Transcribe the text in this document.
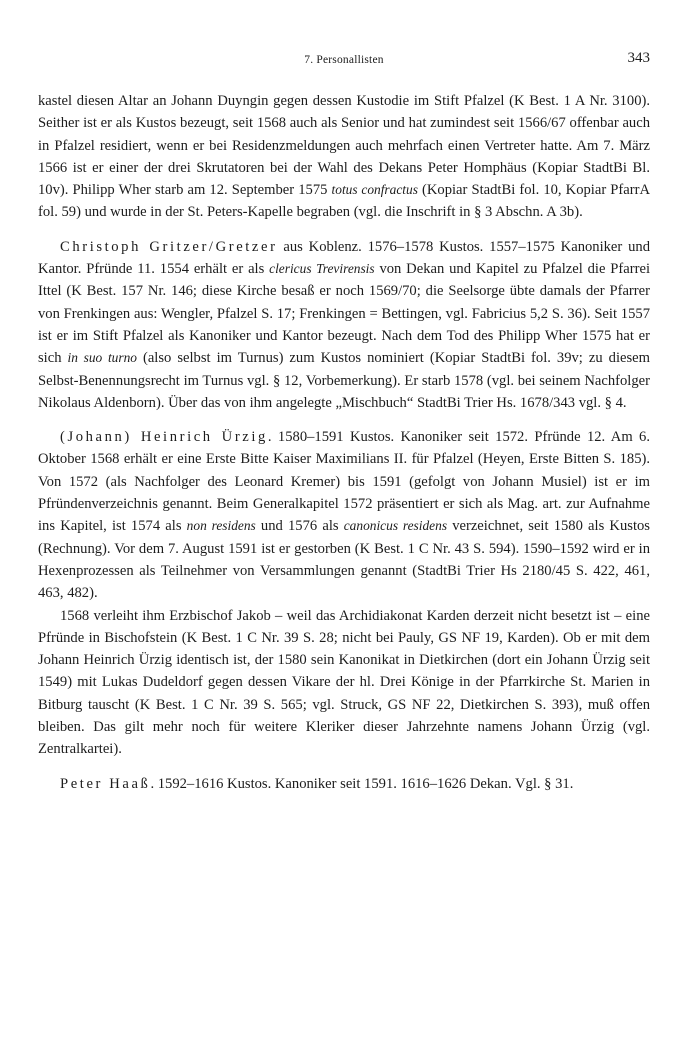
7. Personallisten	343

kastel diesen Altar an Johann Duyngin gegen dessen Kustodie im Stift Pfalzel (K Best. 1 A Nr. 3100). Seither ist er als Kustos bezeugt, seit 1568 auch als Senior und hat zumindest seit 1566/67 offenbar auch in Pfalzel residiert, wenn er bei Residenzmeldungen auch mehrfach einen Vertreter hatte. Am 7. März 1566 ist er einer der drei Skrutatoren bei der Wahl des Dekans Peter Homphäus (Kopiar StadtBi Bl. 10v). Philipp Wher starb am 12. September 1575 totus confractus (Kopiar StadtBi fol. 10, Kopiar PfarrA fol. 59) und wurde in der St. Peters-Kapelle begraben (vgl. die Inschrift in § 3 Abschn. A 3b).

Christoph Gritzer/Gretzer aus Koblenz. 1576–1578 Kustos. 1557–1575 Kanoniker und Kantor. Pfründe 11. 1554 erhält er als clericus Trevirensis von Dekan und Kapitel zu Pfalzel die Pfarrei Ittel (K Best. 157 Nr. 146; diese Kirche besaß er noch 1569/70; die Seelsorge übte damals der Pfarrer von Frenkingen aus: Wengler, Pfalzel S. 17; Frenkingen = Bettingen, vgl. Fabricius 5,2 S. 36). Seit 1557 ist er im Stift Pfalzel als Kanoniker und Kantor bezeugt. Nach dem Tod des Philipp Wher 1575 hat er sich in suo turno (also selbst im Turnus) zum Kustos nominiert (Kopiar StadtBi fol. 39v; zu diesem Selbst-Benennungsrecht im Turnus vgl. § 12, Vorbemerkung). Er starb 1578 (vgl. bei seinem Nachfolger Nikolaus Aldenborn). Über das von ihm angelegte „Mischbuch“ StadtBi Trier Hs. 1678/343 vgl. § 4.

(Johann) Heinrich Ürzig. 1580–1591 Kustos. Kanoniker seit 1572. Pfründe 12. Am 6. Oktober 1568 erhält er eine Erste Bitte Kaiser Maximilians II. für Pfalzel (Heyen, Erste Bitten S. 185). Von 1572 (als Nachfolger des Leonard Kremer) bis 1591 (gefolgt von Johann Musiel) ist er im Pfründenverzeichnis genannt. Beim Generalkapitel 1572 präsentiert er sich als Mag. art. zur Aufnahme ins Kapitel, ist 1574 als non residens und 1576 als canonicus residens verzeichnet, seit 1580 als Kustos (Rechnung). Vor dem 7. August 1591 ist er gestorben (K Best. 1 C Nr. 43 S. 594). 1590–1592 wird er in Hexenprozessen als Teilnehmer von Versammlungen genannt (StadtBi Trier Hs 2180/45 S. 422, 461, 463, 482).

1568 verleiht ihm Erzbischof Jakob – weil das Archidiakonat Karden derzeit nicht besetzt ist – eine Pfründe in Bischofstein (K Best. 1 C Nr. 39 S. 28; nicht bei Pauly, GS NF 19, Karden). Ob er mit dem Johann Heinrich Ürzig identisch ist, der 1580 sein Kanonikat in Dietkirchen (dort ein Johann Ürzig seit 1549) mit Lukas Dudeldorf gegen dessen Vikare der hl. Drei Könige in der Pfarrkirche St. Marien in Bitburg tauscht (K Best. 1 C Nr. 39 S. 565; vgl. Struck, GS NF 22, Dietkirchen S. 393), muß offen bleiben. Das gilt mehr noch für weitere Kleriker dieser Jahrzehnte namens Johann Ürzig (vgl. Zentralkartei).

Peter Haaß. 1592–1616 Kustos. Kanoniker seit 1591. 1616–1626 Dekan. Vgl. § 31.
